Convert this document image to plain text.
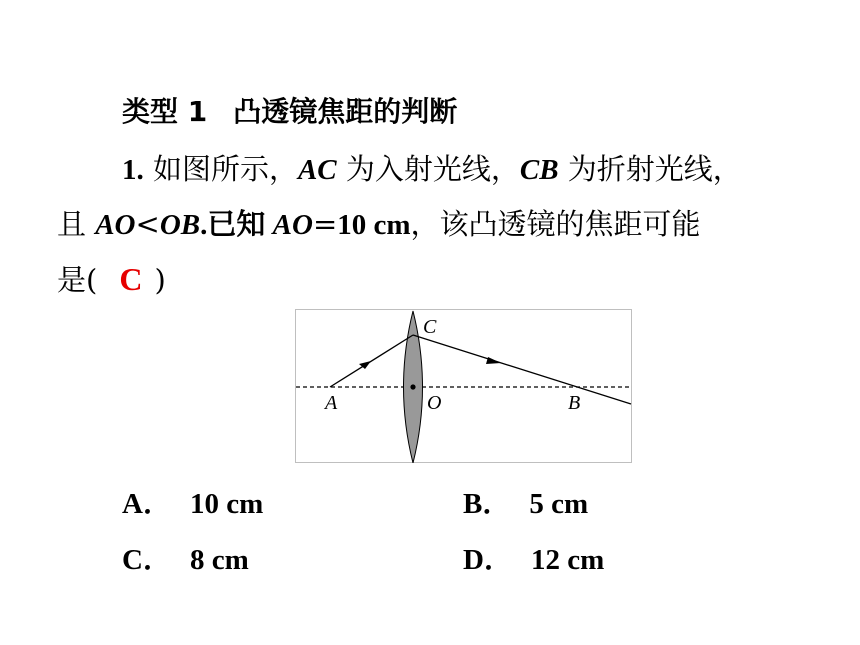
类型 1 凸透镜焦距的判断
1. 如图所示，AC 为入射光线，CB 为折射光线，
且 AO<OB.已知 AO=10 cm，该凸透镜的焦距可能
是( C )
C
A	O	B
A． 10 cm	B． 5 cm
C． 8 cm	D． 12 cm
